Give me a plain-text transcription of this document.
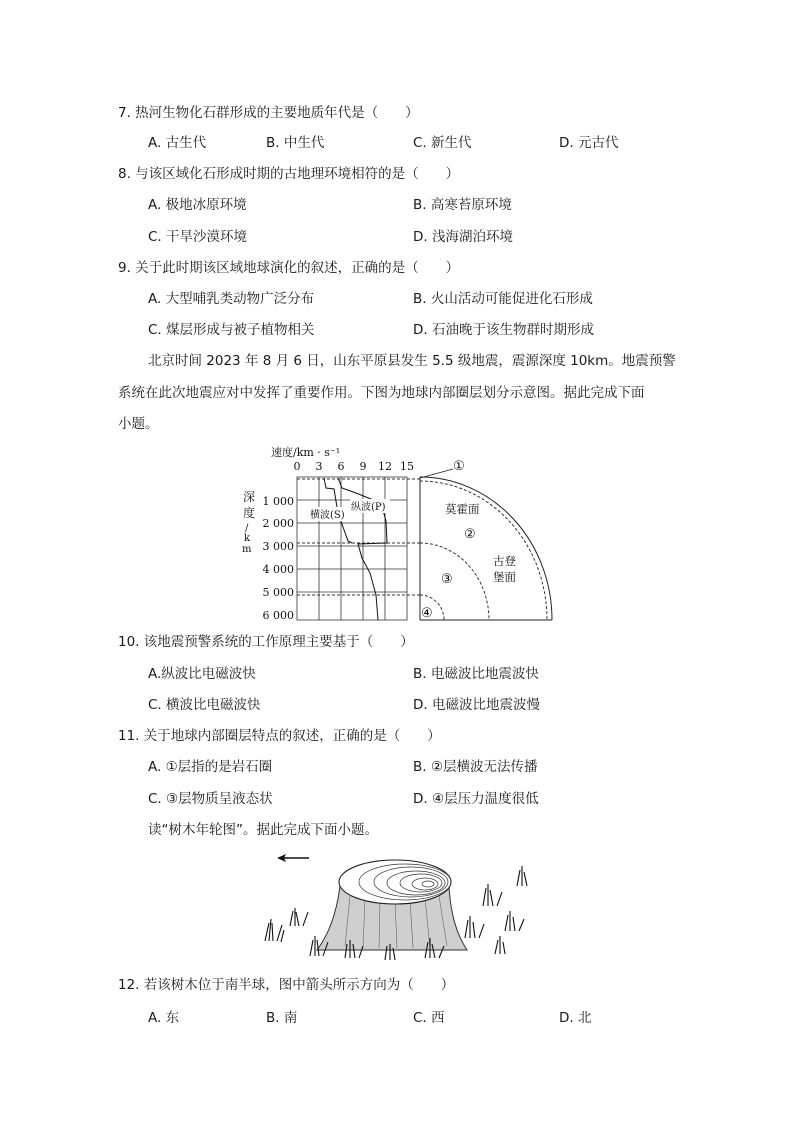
7. 热河生物化石群形成的主要地质年代是（　　）
A. 古生代	B. 中生代	C. 新生代	D. 元古代
8. 与该区域化石形成时期的古地理环境相符的是（　　）
A. 极地冰原环境	B. 高寒苔原环境
C. 干旱沙漠环境	D. 浅海湖泊环境
9. 关于此时期该区域地球演化的叙述，正确的是（　　）
A. 大型哺乳类动物广泛分布	B. 火山活动可能促进化石形成
C. 煤层形成与被子植物相关	D. 石油晚于该生物群时期形成
北京时间 2023 年 8 月 6 日，山东平原县发生 5.5 级地震，震源深度 10km。地震预警
系统在此次地震应对中发挥了重要作用。下图为地球内部圈层划分示意图。据此完成下面
小题。
速度/km · s⁻¹
0 3 6 9 12 15
深
度
/
k
m
1 000
2 000
3 000
4 000
5 000
6 000
横波(S)
纵波(P)
①
②
③
④
莫霍面
古登
堡面
10. 该地震预警系统的工作原理主要基于（　　）
A.纵波比电磁波快	B. 电磁波比地震波快
C. 横波比电磁波快	D. 电磁波比地震波慢
11. 关于地球内部圈层特点的叙述，正确的是（　　）
A. ①层指的是岩石圈	B. ②层横波无法传播
C. ③层物质呈液态状	D. ④层压力温度很低
读“树木年轮图”。据此完成下面小题。
12. 若该树木位于南半球，图中箭头所示方向为（　　）
A. 东	B. 南	C. 西	D. 北
